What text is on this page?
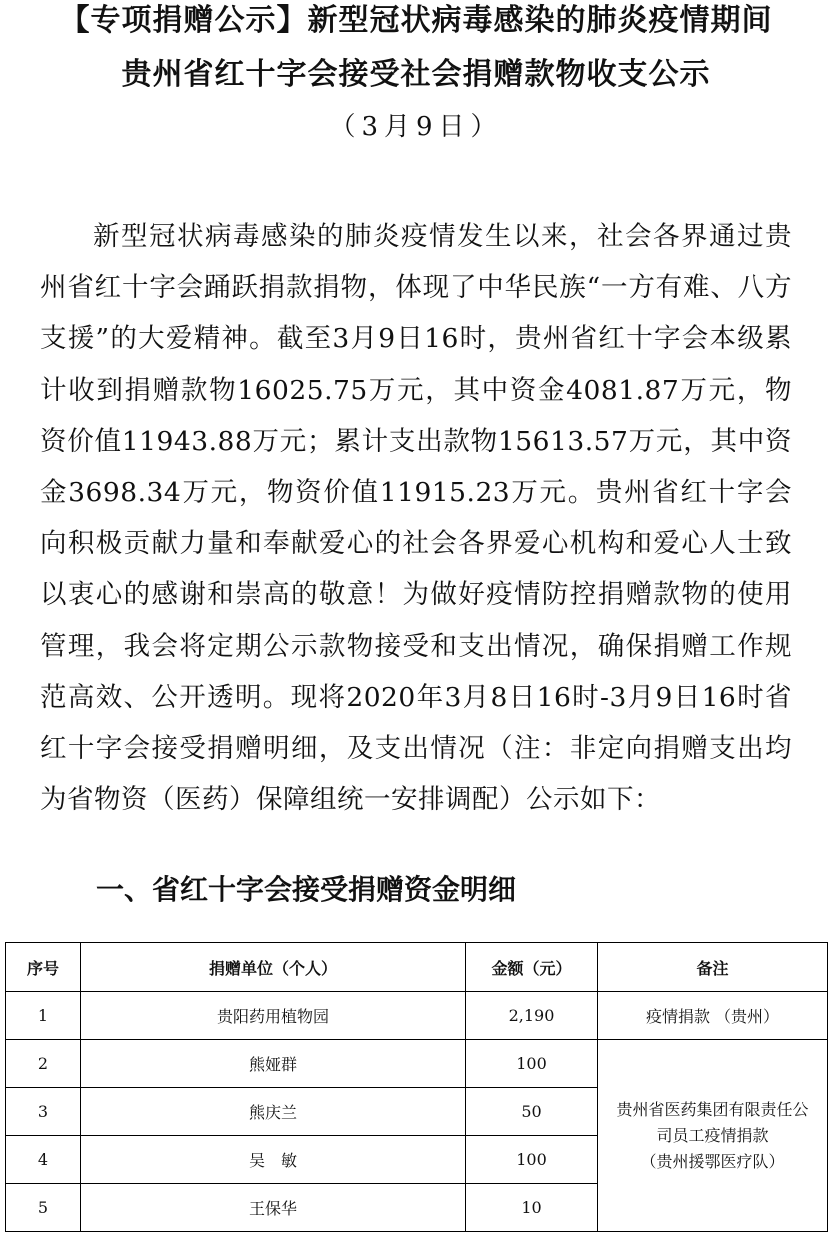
【专项捐赠公示】新型冠状病毒感染的肺炎疫情期间
贵州省红十字会接受社会捐赠款物收支公示
（3月9日）
新型冠状病毒感染的肺炎疫情发生以来，社会各界通过贵州省红十字会踊跃捐款捐物，体现了中华民族“一方有难、八方支援”的大爱精神。截至3月9日16时，贵州省红十字会本级累计收到捐赠款物16025.75万元，其中资金4081.87万元，物资价值11943.88万元；累计支出款物15613.57万元，其中资金3698.34万元，物资价值11915.23万元。贵州省红十字会向积极贡献力量和奉献爱心的社会各界爱心机构和爱心人士致以衷心的感谢和崇高的敬意！为做好疫情防控捐赠款物的使用管理，我会将定期公示款物接受和支出情况，确保捐赠工作规范高效、公开透明。现将2020年3月8日16时-3月9日16时省红十字会接受捐赠明细，及支出情况（注：非定向捐赠支出均为省物资（医药）保障组统一安排调配）公示如下：
一、省红十字会接受捐赠资金明细
序号	捐赠单位（个人）	金额（元）	备注
1	贵阳药用植物园	2,190	疫情捐款 （贵州）
2	熊娅群	100	贵州省医药集团有限责任公
司员工疫情捐款
（贵州援鄂医疗队）

3	熊庆兰	50	
4	吴　敏	100	
5	王保华	10	
